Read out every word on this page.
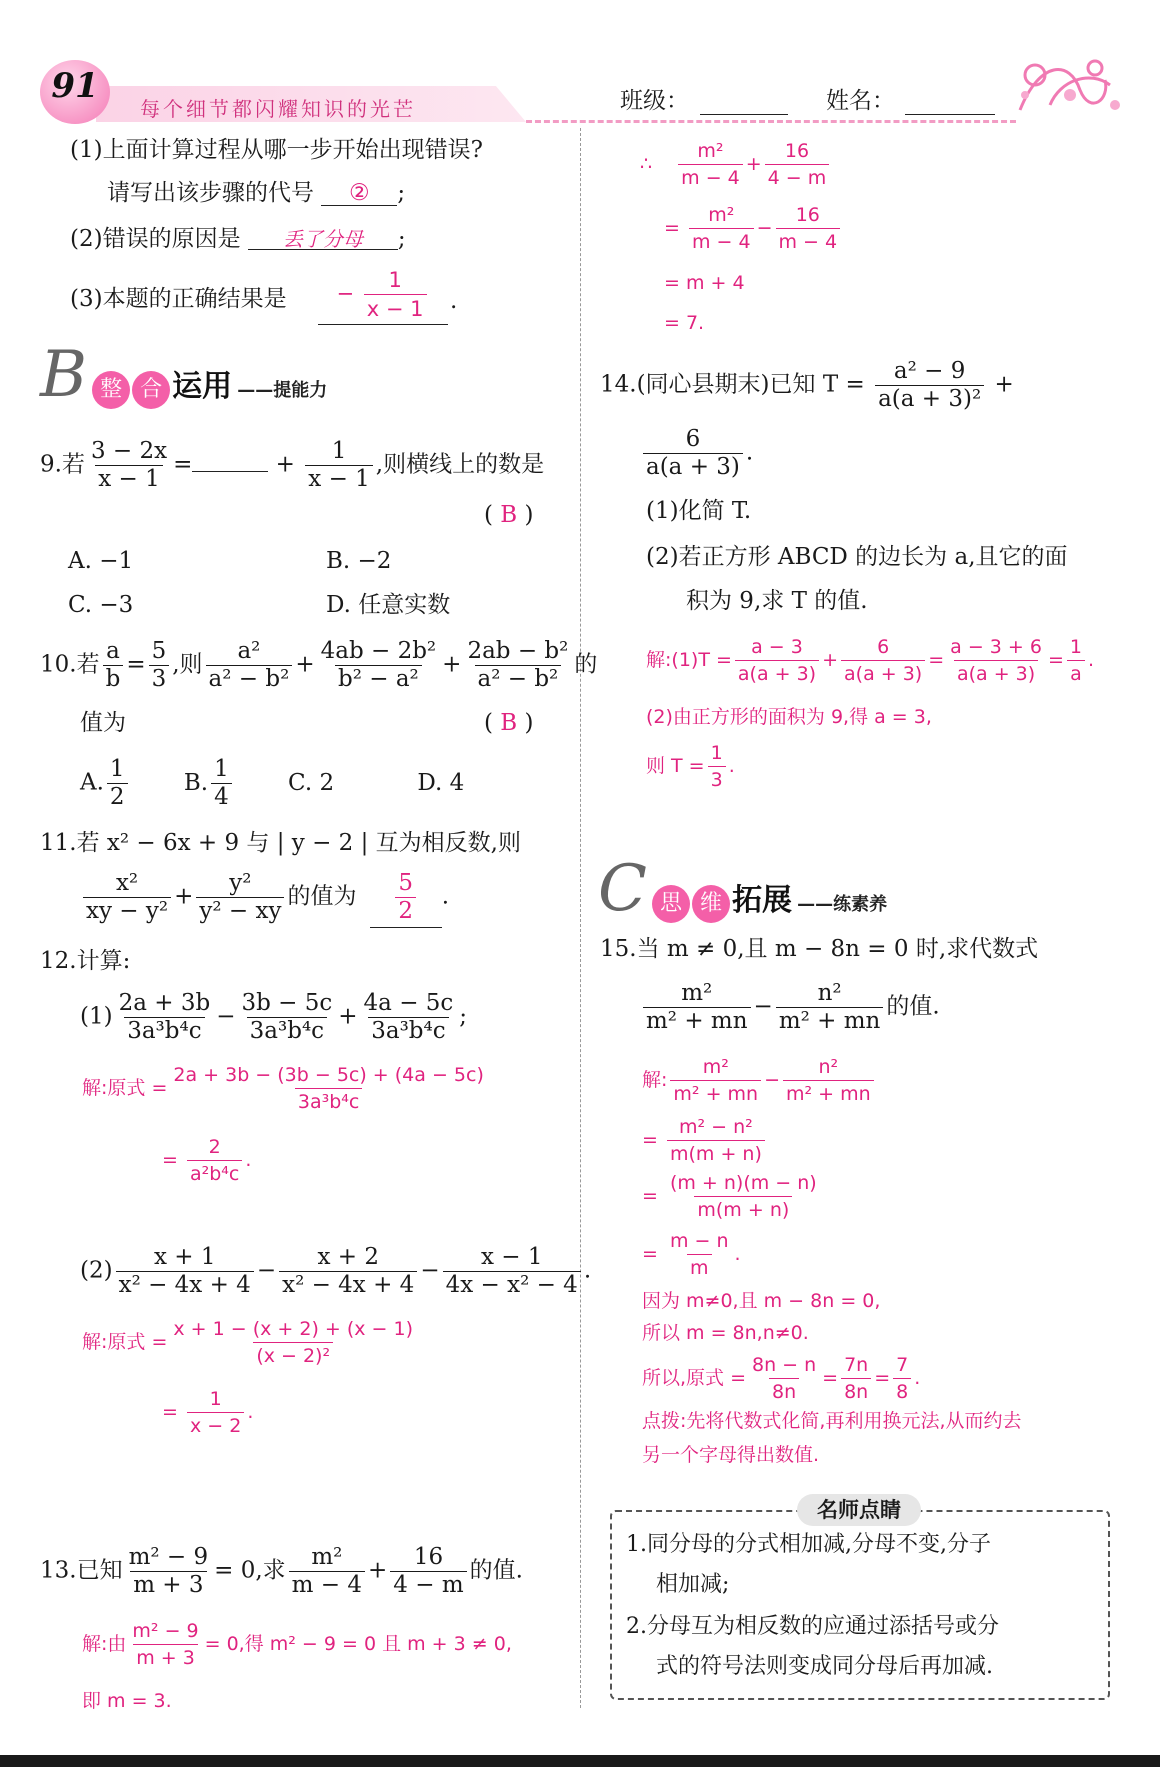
91
每个细节都闪耀知识的光芒	班级：	姓名：
(1)上面计算过程从哪一步开始出现错误?
请写出该步骤的代号 ② ;
(2)错误的原因是 丢了分母 ;
(3)本题的正确结果是	− $\frac{1}{x - 1}$ .
B 整 合 运用 ——提能力
9.若 $\frac{3 - 2x}{x - 1}$ =	+ $\frac{1}{x - 1}$ ,则横线上的数是
( B )
A. −1	B. −2
C. −3	D. 任意实数
10.若 $\frac{a}{b} = \frac{5}{3}$ ,则 $\frac{\text{a²}}{\text{a² − b²}} + \frac{\text{4ab − 2b²}}{\text{b² − a²}} + \frac{\text{2ab − b²}}{\text{a² − b²}}$ 的
值为	( B )
A. $\frac{1}{2} B$. $\frac{1}{4} C$. 2	D. 4
11.若 x² − 6x + 9 与 | y − 2 | 互为相反数,则
$\frac{\text{x²}}{\text{xy − y²}} + \frac{\text{y²}}{\text{y² − xy}}$ 的值为 $\frac{5}{2}$ .
12.计算:
$(1) \frac{2a + 3b}{\text{3a³b⁴c}} - \frac{3b - 5c}{\text{3a³b⁴c}} + \frac{4a - 5c}{\text{3a³b⁴c}}$ ;
解:原式 = $\frac{2a + 3b - (3b - 5c) + (4a - 5c)}{\text{3a³b⁴c}}$
= $\frac{2}{\text{a²b⁴c}}$ .
$(2) \frac{x + 1}{\text{x² − 4x + 4}} - \frac{x + 2}{\text{x² − 4x + 4}} - \frac{x - 1}{\text{4x − x² − 4}}$ .
解:原式 = $\frac{x + 1 - (x + 2) + (x - 1)}{\text{(x − 2)²}}$
= $\frac{1}{x - 2}$ .
13.已知 $\frac{\text{m² − 9}}{m + 3} = 0$,求 $\frac{\text{m²}}{m - 4} + \frac{16}{4 - m}$ 的值.
解:由 $\frac{\text{m² − 9}}{m + 3} = 0$,得 m² − 9 = 0 且 m + 3 ≠ 0,
即 m = 3.
∴ $\frac{\text{m²}}{m - 4} + \frac{16}{4 - m}$
= $\frac{\text{m²}}{m - 4} - \frac{16}{m - 4}$
= m + 4
= 7.
14.(同心县期末)已知 $T = \frac{\text{a² − 9}}{\text{a(a + 3)²}}$ +
$\frac{6}{a(a + 3)}$ .
(1)化简 T.
(2)若正方形 ABCD 的边长为 a,且它的面
积为 9,求 T 的值.
解:(1)T = $\frac{a - 3}{a(a + 3)} + \frac{6}{a(a + 3)} = \frac{a - 3 + 6}{a(a + 3)} = \frac{1}{a}$ .
(2)由正方形的面积为 9,得 a = 3,
则 $T = \frac{1}{3}$ .
C 思 维 拓展 ——练素养
15.当 m ≠ 0,且 m − 8n = 0 时,求代数式
$\frac{\text{m²}}{\text{m² + mn}} - \frac{\text{n²}}{\text{m² + mn}}$ 的值.
解: $\frac{\text{m²}}{\text{m² + mn}} - \frac{\text{n²}}{\text{m² + mn}}$
= $\frac{\text{m² − n²}}{m(m + n)}$
= $\frac{(m + n)(m - n)}{m(m + n)}$
= $\frac{m - n}{m}$ .
因为 m≠0,且 m − 8n = 0,
所以 m = 8n,n≠0.
所以,原式 = $\frac{8n - n}{8n} = \frac{7n}{8n} = \frac{7}{8}$ .
点拨:先将代数式化简,再利用换元法,从而约去
另一个字母得出数值.
名师点睛
1.同分母的分式相加减,分母不变,分子
相加减;
2.分母互为相反数的应通过添括号或分
式的符号法则变成同分母后再加减.
